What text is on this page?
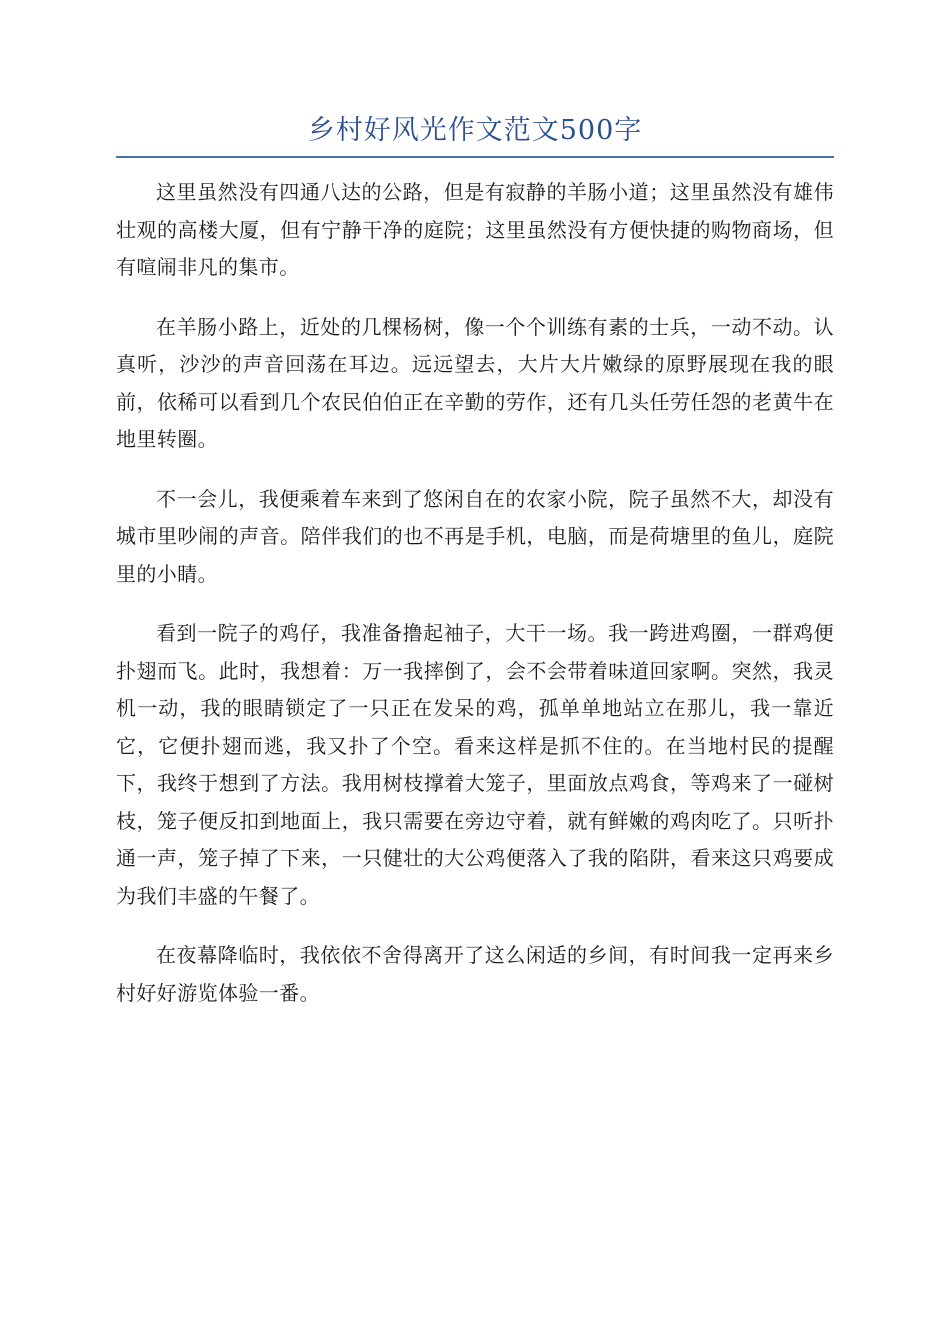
乡村好风光作文范文500字

这里虽然没有四通八达的公路，但是有寂静的羊肠小道；这里虽然没有雄伟壮观的高楼大厦，但有宁静干净的庭院；这里虽然没有方便快捷的购物商场，但有喧闹非凡的集市。

在羊肠小路上，近处的几棵杨树，像一个个训练有素的士兵，一动不动。认真听，沙沙的声音回荡在耳边。远远望去，大片大片嫩绿的原野展现在我的眼前，依稀可以看到几个农民伯伯正在辛勤的劳作，还有几头任劳任怨的老黄牛在地里转圈。

不一会儿，我便乘着车来到了悠闲自在的农家小院，院子虽然不大，却没有城市里吵闹的声音。陪伴我们的也不再是手机，电脑，而是荷塘里的鱼儿，庭院里的小睛。

看到一院子的鸡仔，我准备撸起袖子，大干一场。我一跨进鸡圈，一群鸡便扑翅而飞。此时，我想着：万一我摔倒了，会不会带着味道回家啊。突然，我灵机一动，我的眼睛锁定了一只正在发呆的鸡，孤单单地站立在那儿，我一靠近它，它便扑翅而逃，我又扑了个空。看来这样是抓不住的。在当地村民的提醒下，我终于想到了方法。我用树枝撑着大笼子，里面放点鸡食，等鸡来了一碰树枝，笼子便反扣到地面上，我只需要在旁边守着，就有鲜嫩的鸡肉吃了。只听扑通一声，笼子掉了下来，一只健壮的大公鸡便落入了我的陷阱，看来这只鸡要成为我们丰盛的午餐了。

在夜幕降临时，我依依不舍得离开了这么闲适的乡间，有时间我一定再来乡村好好游览体验一番。
